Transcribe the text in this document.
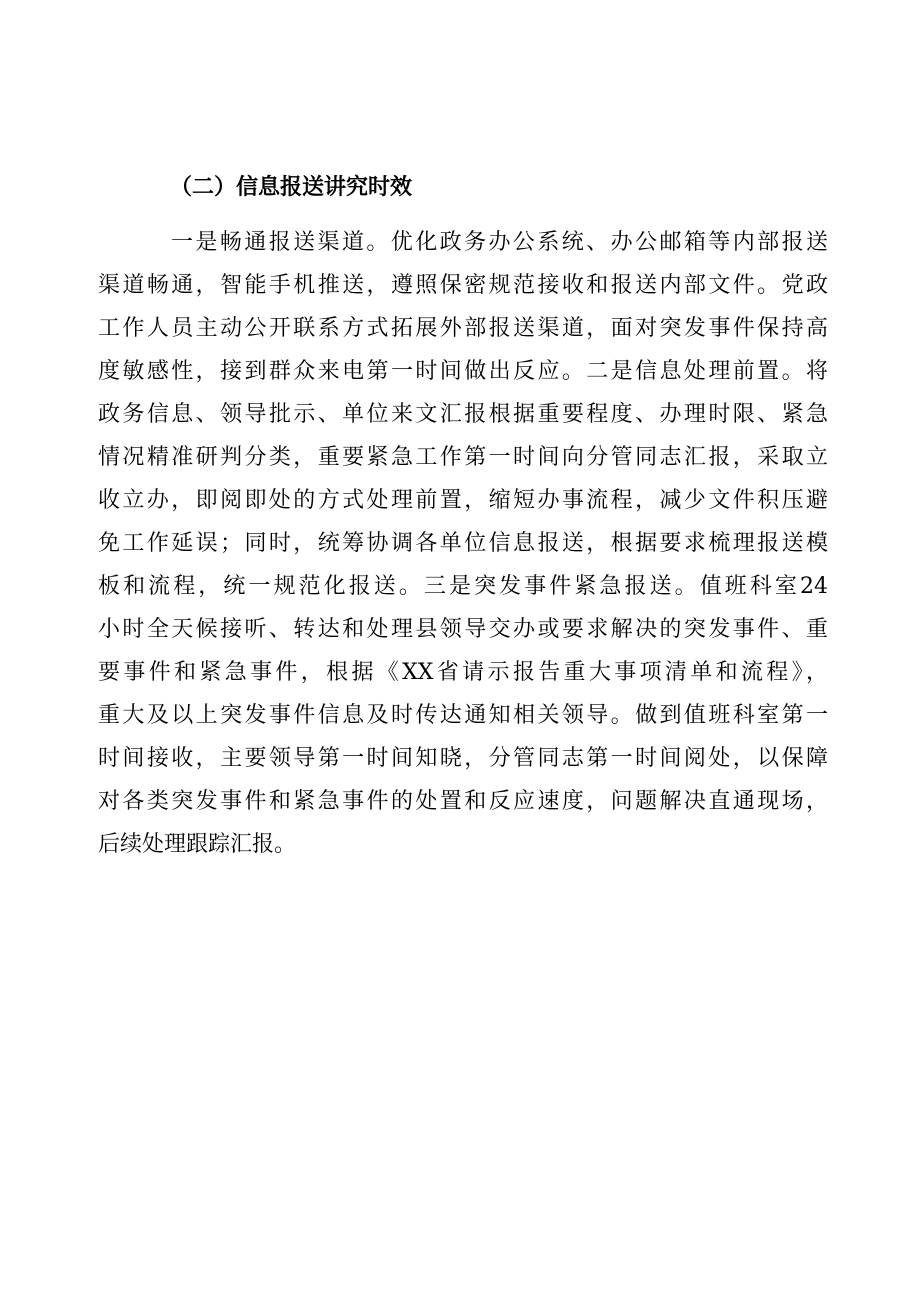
（二）信息报送讲究时效
一是畅通报送渠道。优化政务办公系统、办公邮箱等内部报送
渠道畅通，智能手机推送，遵照保密规范接收和报送内部文件。党政
工作人员主动公开联系方式拓展外部报送渠道，面对突发事件保持高
度敏感性，接到群众来电第一时间做出反应。二是信息处理前置。将
政务信息、领导批示、单位来文汇报根据重要程度、办理时限、紧急
情况精准研判分类，重要紧急工作第一时间向分管同志汇报，采取立
收立办，即阅即处的方式处理前置，缩短办事流程，减少文件积压避
免工作延误；同时，统筹协调各单位信息报送，根据要求梳理报送模
板和流程，统一规范化报送。三是突发事件紧急报送。值班科室24
小时全天候接听、转达和处理县领导交办或要求解决的突发事件、重
要事件和紧急事件，根据《XX省请示报告重大事项清单和流程》，
重大及以上突发事件信息及时传达通知相关领导。做到值班科室第一
时间接收，主要领导第一时间知晓，分管同志第一时间阅处，以保障
对各类突发事件和紧急事件的处置和反应速度，问题解决直通现场，
后续处理跟踪汇报。
